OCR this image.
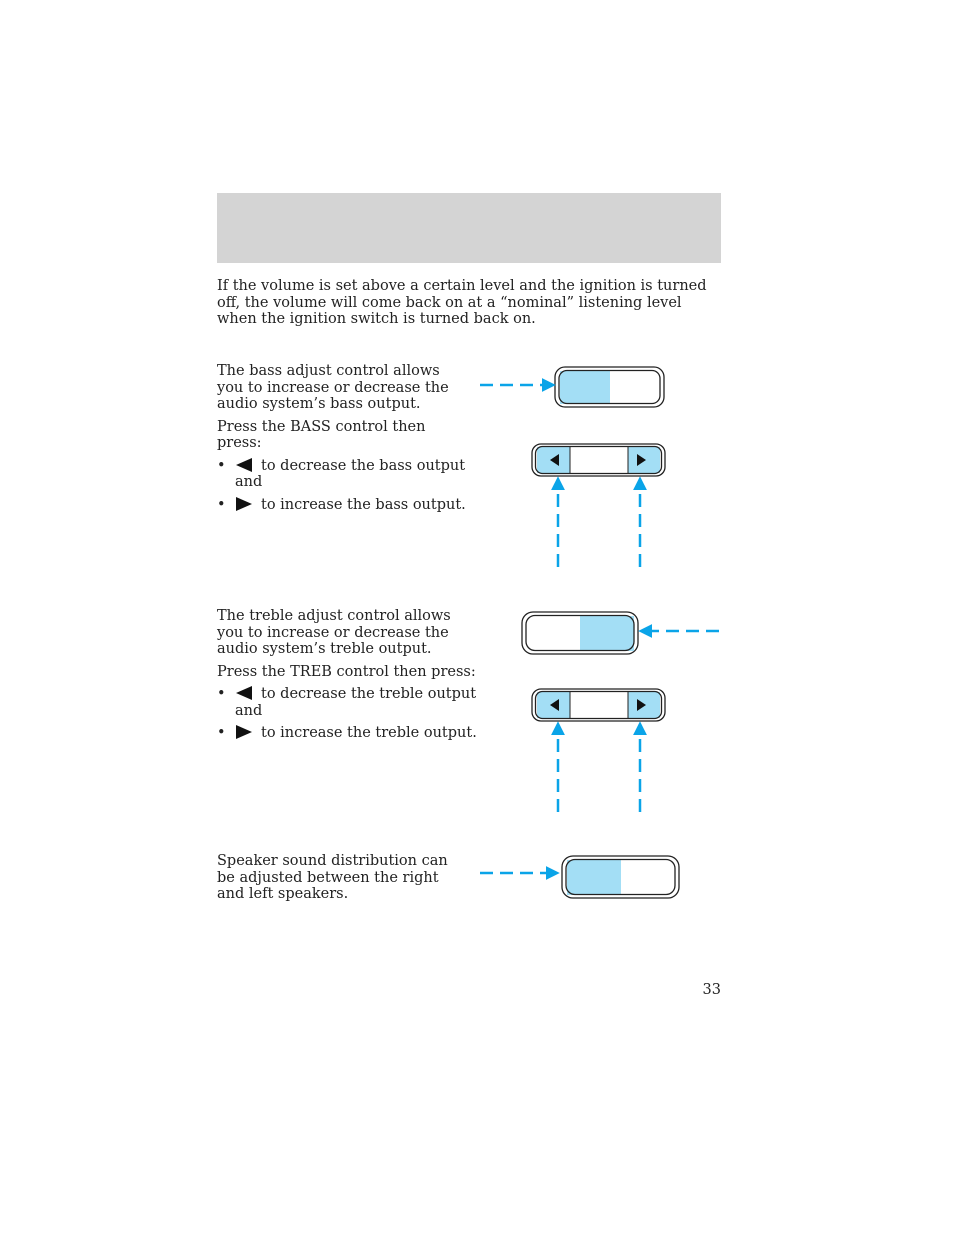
If the volume is set above a certain level and the ignition is turned off, the volume will come back on at a “nominal” listening level when the ignition switch is turned back on.

The bass adjust control allows you to increase or decrease the audio system’s bass output.

Press the BASS control then press:

• to decrease the bass output
and
• to increase the bass output.

The treble adjust control allows you to increase or decrease the audio system’s treble output.

Press the TREB control then press:

• to decrease the treble output
and
• to increase the treble output.

Speaker sound distribution can be adjusted between the right and left speakers.

33
